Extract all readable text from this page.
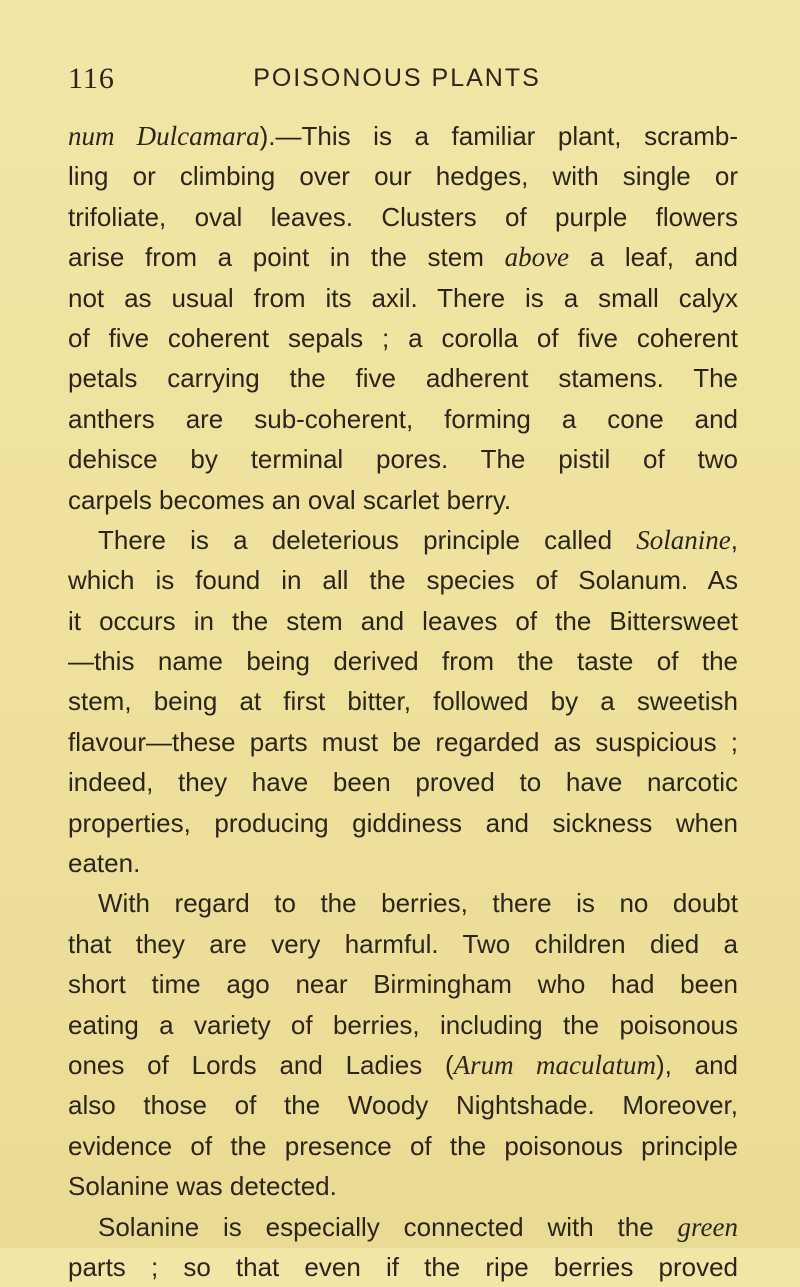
116	POISONOUS PLANTS
num Dulcamara).—This is a familiar plant, scramb-
ling or climbing over our hedges, with single or
trifoliate, oval leaves. Clusters of purple flowers
arise from a point in the stem above a leaf, and
not as usual from its axil. There is a small calyx
of five coherent sepals ; a corolla of five coherent
petals carrying the five adherent stamens. The
anthers are sub-coherent, forming a cone and
dehisce by terminal pores. The pistil of two
carpels becomes an oval scarlet berry.
There is a deleterious principle called Solanine,
which is found in all the species of Solanum. As
it occurs in the stem and leaves of the Bittersweet
—this name being derived from the taste of the
stem, being at first bitter, followed by a sweetish
flavour—these parts must be regarded as suspicious ;
indeed, they have been proved to have narcotic
properties, producing giddiness and sickness when
eaten.
With regard to the berries, there is no doubt
that they are very harmful. Two children died a
short time ago near Birmingham who had been
eating a variety of berries, including the poisonous
ones of Lords and Ladies (Arum maculatum), and
also those of the Woody Nightshade. Moreover,
evidence of the presence of the poisonous principle
Solanine was detected.
Solanine is especially connected with the green
parts ; so that even if the ripe berries proved
